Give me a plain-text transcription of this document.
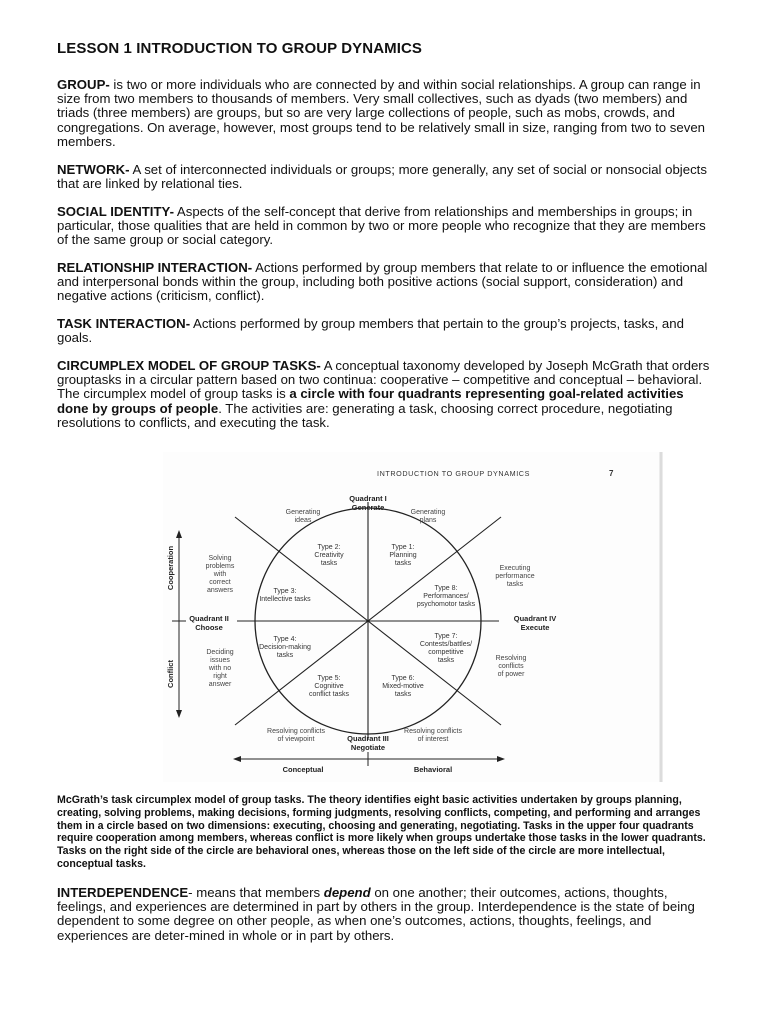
LESSON 1 INTRODUCTION TO GROUP DYNAMICS

GROUP- is two or more individuals who are connected by and within social relationships. A group can range in size from two members to thousands of members. Very small collectives, such as dyads (two members) and triads (three members) are groups, but so are very large collections of people, such as mobs, crowds, and congregations. On average, however, most groups tend to be relatively small in size, ranging from two to seven members.

NETWORK- A set of interconnected individuals or groups; more generally, any set of social or nonsocial objects that are linked by relational ties.

SOCIAL IDENTITY- Aspects of the self-concept that derive from relationships and memberships in groups; in particular, those qualities that are held in common by two or more people who recognize that they are members of the same group or social category.

RELATIONSHIP INTERACTION- Actions performed by group members that relate to or influence the emotional and interpersonal bonds within the group, including both positive actions (social support, consideration) and negative actions (criticism, conflict).

TASK INTERACTION- Actions performed by group members that pertain to the group’s projects, tasks, and goals.

CIRCUMPLEX MODEL OF GROUP TASKS- A conceptual taxonomy developed by Joseph McGrath that orders grouptasks in a circular pattern based on two continua: cooperative – competitive and conceptual – behavioral. The circumplex model of group tasks is a circle with four quadrants representing goal-related activities done by groups of people. The activities are: generating a task, choosing correct procedure, negotiating resolutions to conflicts, and executing the task.

INTRODUCTION TO GROUP DYNAMICS	7
Quadrant I
Generate
Quadrant II
Choose
Quadrant III
Negotiate
Quadrant IV
Execute
Type 2: Creativity tasks
Type 1: Planning tasks
Type 3: Intellective tasks
Type 8: Performances/ psychomotor tasks
Type 4: Decision-making tasks
Type 7: Contests/battles/ competitive tasks
Type 5: Cognitive conflict tasks
Type 6: Mixed-motive tasks
Generating ideas
Generating plans
Solving problems with correct answers
Executing performance tasks
Deciding issues with no right answer
Resolving conflicts of power
Resolving conflicts of viewpoint
Resolving conflicts of interest
Cooperation
Conflict
Conceptual	Behavioral

McGrath’s task circumplex model of group tasks. The theory identifies eight basic activities undertaken by groups planning, creating, solving problems, making decisions, forming judgments, resolving conflicts, competing, and performing and arranges them in a circle based on two dimensions: executing, choosing and generating, negotiating. Tasks in the upper four quadrants require cooperation among members, whereas conflict is more likely when groups undertake those tasks in the lower quadrants. Tasks on the right side of the circle are behavioral ones, whereas those on the left side of the circle are more intellectual, conceptual tasks.

INTERDEPENDENCE- means that members depend on one another; their outcomes, actions, thoughts, feelings, and experiences are determined in part by others in the group. Interdependence is the state of being dependent to some degree on other people, as when one’s outcomes, actions, thoughts, feelings, and experiences are deter-mined in whole or in part by others.
